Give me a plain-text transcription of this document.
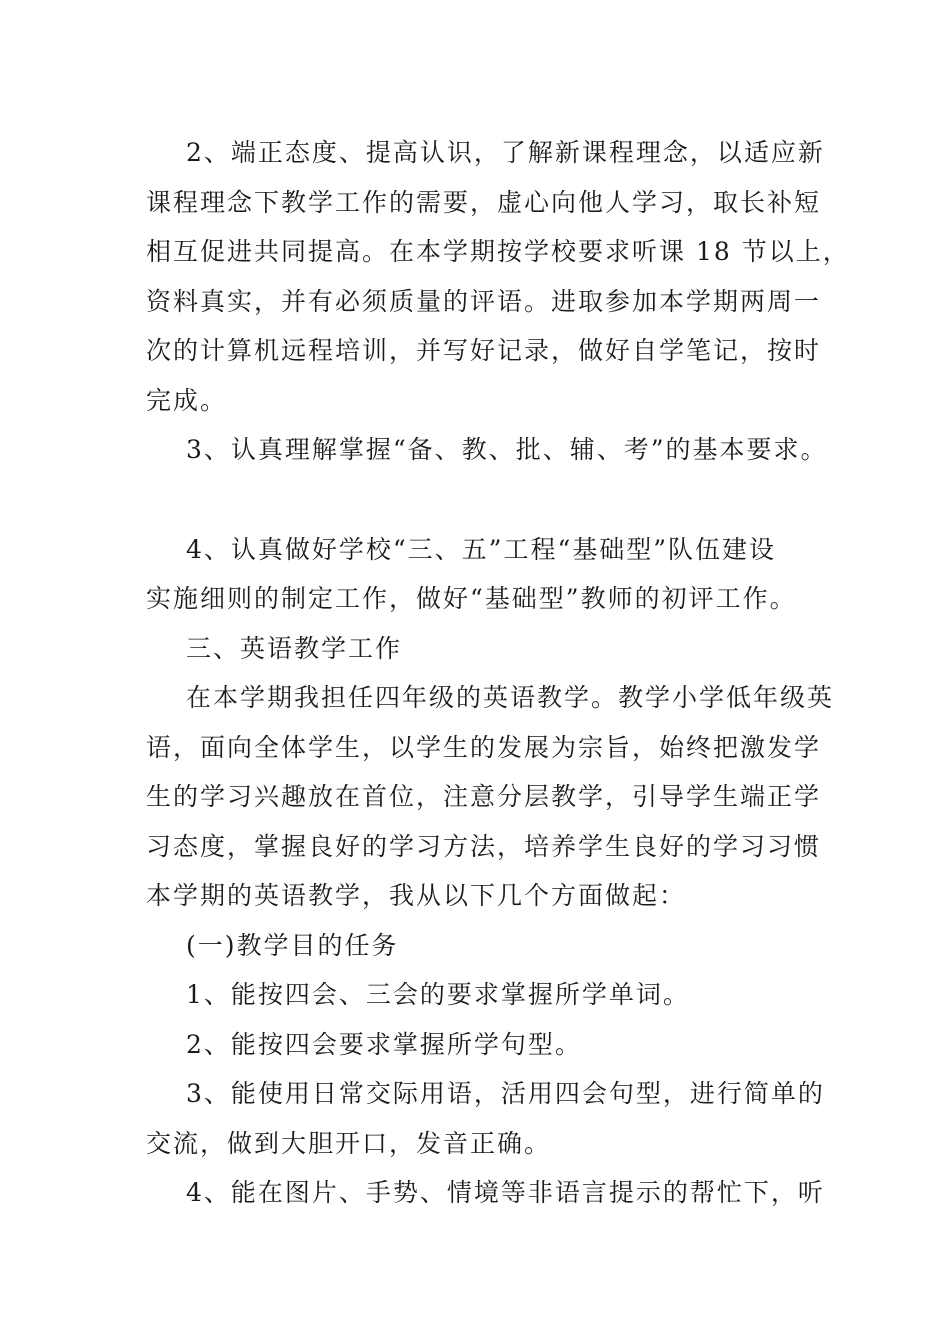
2、端正态度、提高认识，了解新课程理念，以适应新
课程理念下教学工作的需要，虚心向他人学习，取长补短
相互促进共同提高。在本学期按学校要求听课 18 节以上，
资料真实，并有必须质量的评语。进取参加本学期两周一
次的计算机远程培训，并写好记录，做好自学笔记，按时
完成。

3、认真理解掌握“备、教、批、辅、考”的基本要求。

4、认真做好学校“三、五”工程“基础型”队伍建设
实施细则的制定工作，做好“基础型”教师的初评工作。

三、英语教学工作

在本学期我担任四年级的英语教学。教学小学低年级英
语，面向全体学生，以学生的发展为宗旨，始终把激发学
生的学习兴趣放在首位，注意分层教学，引导学生端正学
习态度，掌握良好的学习方法，培养学生良好的学习习惯
本学期的英语教学，我从以下几个方面做起：

(一)教学目的任务

1、能按四会、三会的要求掌握所学单词。

2、能按四会要求掌握所学句型。

3、能使用日常交际用语，活用四会句型，进行简单的
交流，做到大胆开口，发音正确。

4、能在图片、手势、情境等非语言提示的帮忙下，听
